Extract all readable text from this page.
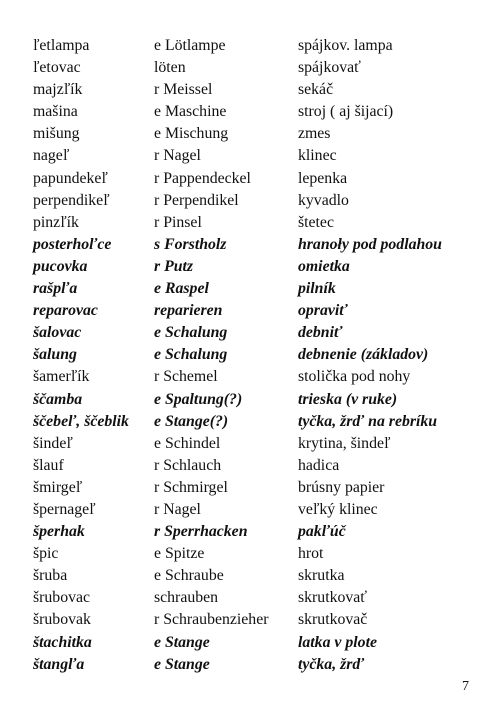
ľetlampa	e Lötlampe	spájkov. lampa
ľetovac	löten	spájkovať
majzľík	r Meissel	sekáč
mašina	e Maschine	stroj ( aj šijací)
mišung	e Mischung	zmes
nageľ	r Nagel	klinec
papundekeľ	r Pappendeckel	lepenka
perpendikeľ	r Perpendikel	kyvadlo
pinzľík	r Pinsel	štetec
posterhoľce	s Forstholz	hranoły pod podlahou
pucovka	r Putz	omietka
rašpľa	e Raspel	pilník
reparovac	reparieren	opraviť
šalovac	e Schalung	debniť
šalung	e Schalung	debnenie (základov)
šamerľík	r Schemel	stolička pod nohy
ščamba	e Spaltung(?)	trieska (v ruke)
ščebeľ, ščeblik	e Stange(?)	tyčka, žrď na rebríku
šindeľ	e Schindel	krytina, šindeľ
šlauf	r Schlauch	hadica
šmirgeľ	r Schmirgel	brúsny papier
špernageľ	r Nagel	veľký klinec
šperhak	r Sperrhacken	pakľúč
špic	e Spitze	hrot
šruba	e Schraube	skrutka
šrubovac	schrauben	skrutkovať
šrubovak	r Schraubenzieher	skrutkovač
štachitka	e Stange	latka v plote
štangľa	e Stange	tyčka, žrď
7
